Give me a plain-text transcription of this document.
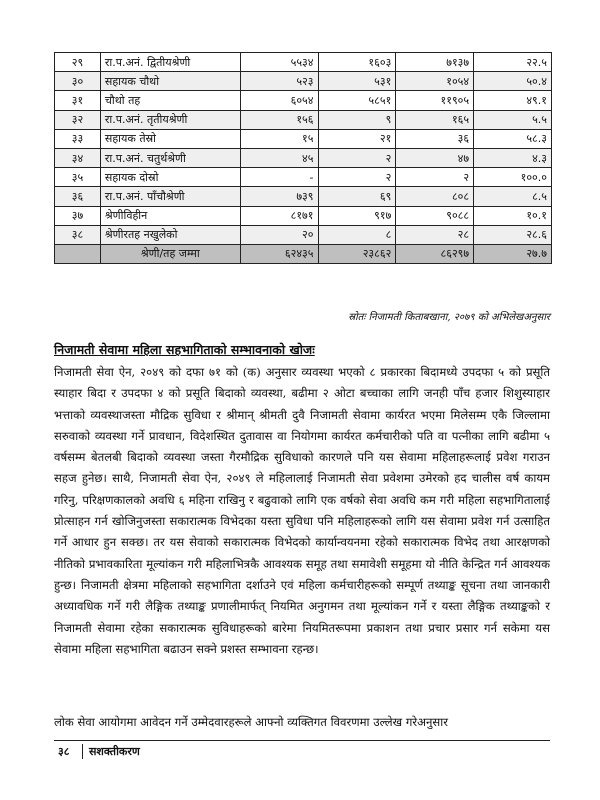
२९	रा.प.अनं. द्वितीयश्रेणी	५५३४	१६०३	७१३७	२२.५
३०	सहायक चौथो	५२३	५३१	१०५४	५०.४
३१	चौथो तह	६०५४	५८५१	११९०५	४९.१
३२	रा.प.अनं. तृतीयश्रेणी	१५६	९	१६५	५.५
३३	सहायक तेस्रो	१५	२१	३६	५८.३
३४	रा.प.अनं. चतुर्थश्रेणी	४५	२	४७	४.३
३५	सहायक दोस्रो	-	२	२	१००.०
३६	रा.प.अनं. पाँचौश्रेणी	७३९	६९	८०८	८.५
३७	श्रेणीविहीन	८१७१	९१७	९०८८	१०.१
३८	श्रेणीरतह नखुलेको	२०	८	२८	२८.६
	श्रेणी/तह जम्मा	६२४३५	२३८६२	८६२९७	२७.७
स्रोतः निजामती किताबखाना, २०७९ को अभिलेखअनुसार
निजामती सेवामा महिला सहभागिताको सम्भावनाको खोजः
निजामती सेवा ऐन, २०४९ को दफा ७१ को (क) अनुसार व्यवस्था भएको ८ प्रकारका बिदामध्ये उपदफा ५ को प्रसूति स्याहार बिदा र उपदफा ४ को प्रसूति बिदाको व्यवस्था, बढीमा २ ओटा बच्चाका लागि जनही पाँच हजार शिशुस्याहार भत्ताको व्यवस्थाजस्ता मौद्रिक सुविधा र श्रीमान् श्रीमती दुवै निजामती सेवामा कार्यरत भएमा मिलेसम्म एकै जिल्लामा सरुवाको व्यवस्था गर्ने प्रावधान, विदेशस्थित दुतावास वा नियोगमा कार्यरत कर्मचारीको पति वा पत्नीका लागि बढीमा ५ वर्षसम्म बेतलबी बिदाको व्यवस्था जस्ता गैरमौद्रिक सुविधाको कारणले पनि यस सेवामा महिलाहरूलाई प्रवेश गराउन सहज हुनेछ। साथै, निजामती सेवा ऐन, २०४९ ले महिलालाई निजामती सेवा प्रवेशमा उमेरको हद चालीस वर्ष कायम गरिनु, परिक्षणकालको अवधि ६ महिना राखिनु र बढुवाको लागि एक वर्षको सेवा अवधि कम गरी महिला सहभागितालाई प्रोत्साहन गर्न खोजिनुजस्ता सकारात्मक विभेदका यस्ता सुविधा पनि महिलाहरूको लागि यस सेवामा प्रवेश गर्न उत्साहित गर्ने आधार हुन सक्छ। तर यस सेवाको सकारात्मक विभेदको कार्यान्वयनमा रहेको सकारात्मक विभेद तथा आरक्षणको नीतिको प्रभावकारिता मूल्यांकन गरी महिलाभित्रकै आवश्यक समूह तथा समावेशी समूहमा यो नीति केन्द्रित गर्न आवश्यक हुन्छ। निजामती क्षेत्रमा महिलाको सहभागिता दर्शाउने एवं महिला कर्मचारीहरूको सम्पूर्ण तथ्याङ्क सूचना तथा जानकारी अध्यावधिक गर्ने गरी लैङ्गिक तथ्याङ्क प्रणालीमार्फत् नियमित अनुगमन तथा मूल्यांकन गर्ने र यस्ता लैङ्गिक तथ्याङ्कको र निजामती सेवामा रहेका सकारात्मक सुविधाहरूको बारेमा नियमितरूपमा प्रकाशन तथा प्रचार प्रसार गर्न सकेमा यस सेवामा महिला सहभागिता बढाउन सक्ने प्रशस्त सम्भावना रहन्छ।
लोक सेवा आयोगमा आवेदन गर्ने उम्मेदवारहरूले आफ्नो व्यक्तिगत विवरणमा उल्लेख गरेअनुसार
३८	सशक्तीकरण
